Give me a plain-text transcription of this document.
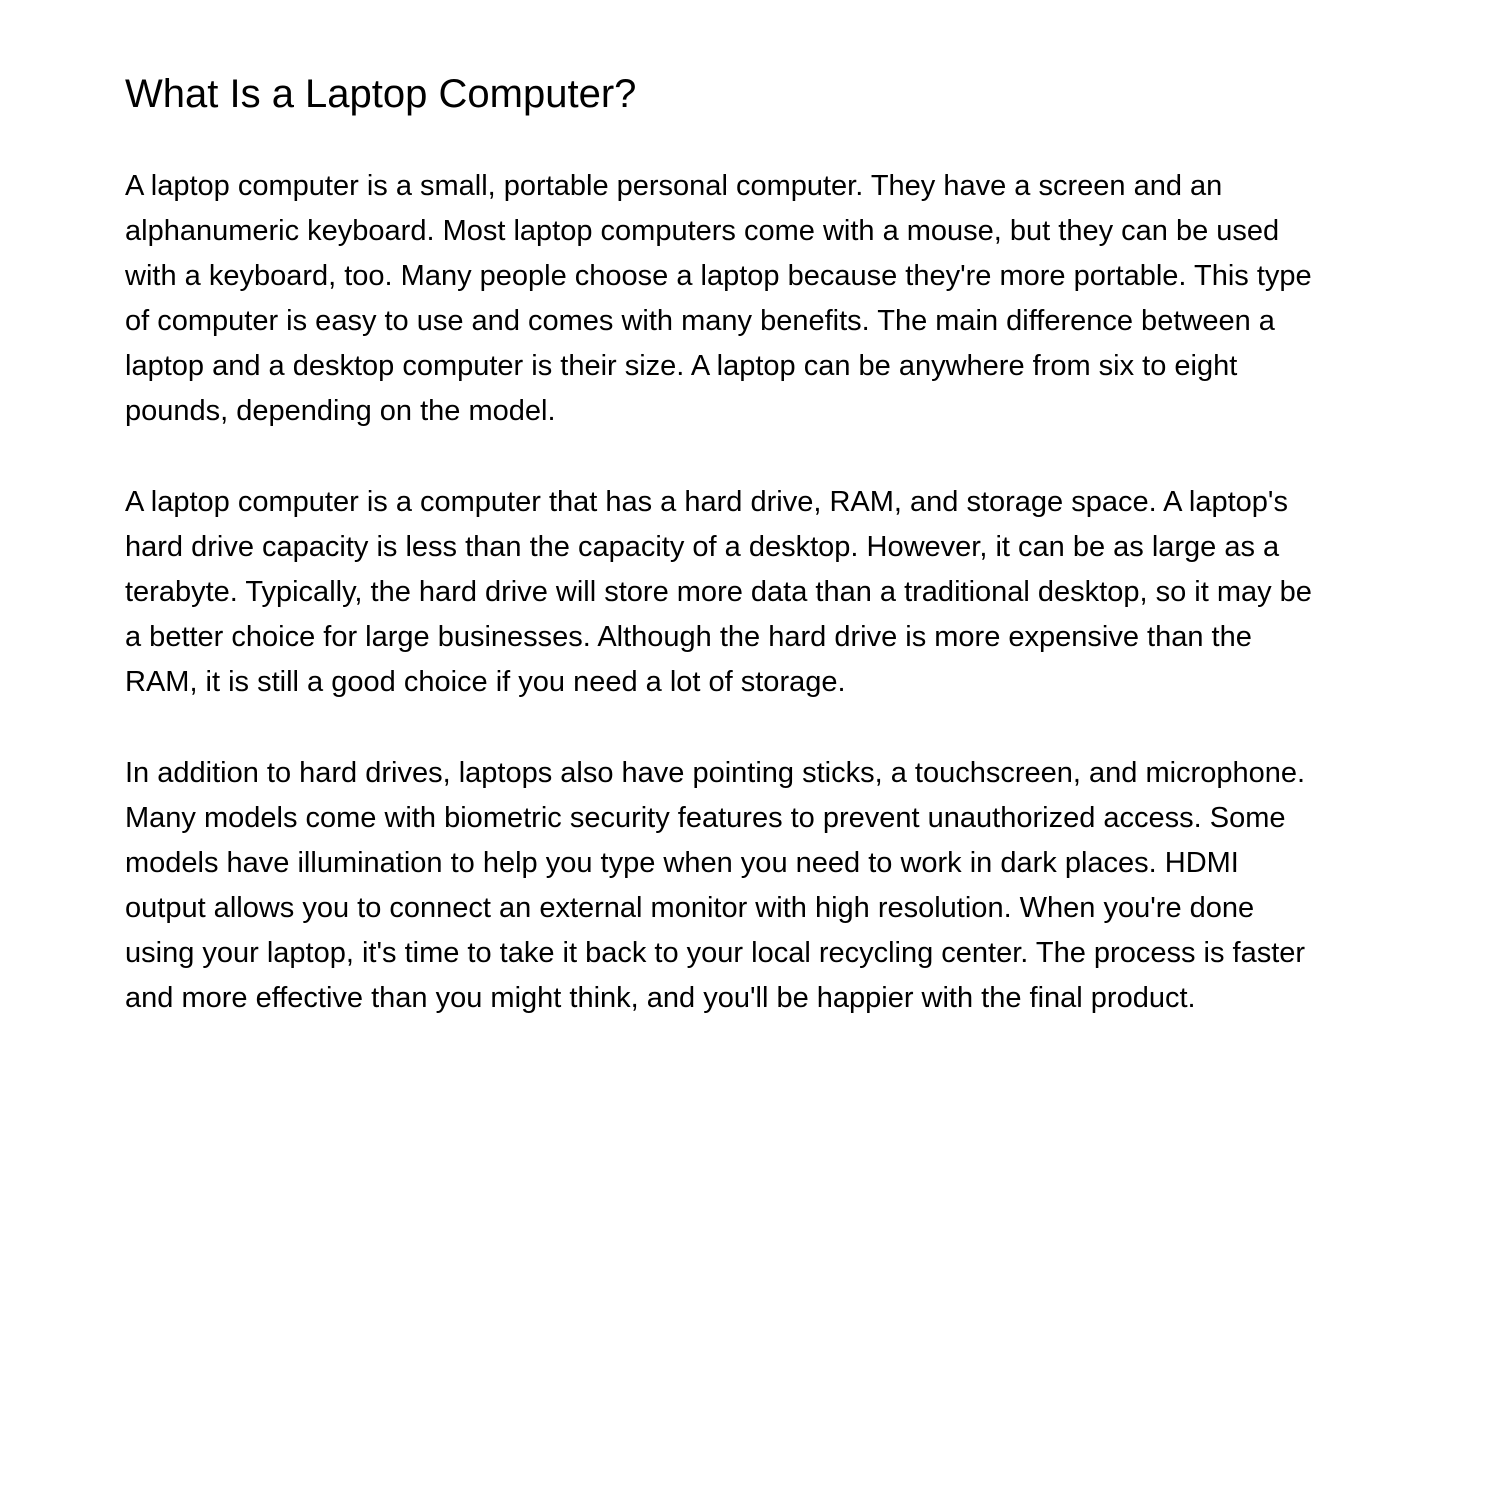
What Is a Laptop Computer?

A laptop computer is a small, portable personal computer. They have a screen and an
alphanumeric keyboard. Most laptop computers come with a mouse, but they can be used
with a keyboard, too. Many people choose a laptop because they're more portable. This type
of computer is easy to use and comes with many benefits. The main difference between a
laptop and a desktop computer is their size. A laptop can be anywhere from six to eight
pounds, depending on the model.

A laptop computer is a computer that has a hard drive, RAM, and storage space. A laptop's
hard drive capacity is less than the capacity of a desktop. However, it can be as large as a
terabyte. Typically, the hard drive will store more data than a traditional desktop, so it may be
a better choice for large businesses. Although the hard drive is more expensive than the
RAM, it is still a good choice if you need a lot of storage.

In addition to hard drives, laptops also have pointing sticks, a touchscreen, and microphone.
Many models come with biometric security features to prevent unauthorized access. Some
models have illumination to help you type when you need to work in dark places. HDMI
output allows you to connect an external monitor with high resolution. When you're done
using your laptop, it's time to take it back to your local recycling center. The process is faster
and more effective than you might think, and you'll be happier with the final product.
